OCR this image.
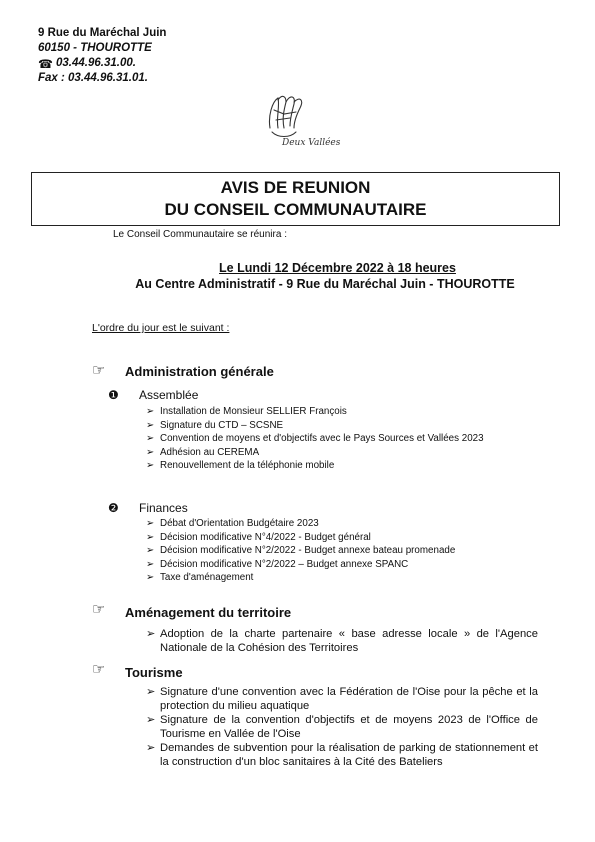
9 Rue du Maréchal Juin
60150 - THOUROTTE
☎ 03.44.96.31.00.
Fax : 03.44.96.31.01.
Deux Vallées
AVIS DE REUNION
DU CONSEIL COMMUNAUTAIRE
Le Conseil Communautaire se réunira :
Le Lundi 12 Décembre 2022 à 18 heures
Au Centre Administratif - 9 Rue du Maréchal Juin - THOUROTTE
L'ordre du jour est le suivant :
☞ Administration générale
❶ Assemblée
➢ Installation de Monsieur SELLIER François
➢ Signature du CTD – SCSNE
➢ Convention de moyens et d'objectifs avec le Pays Sources et Vallées 2023
➢ Adhésion au CEREMA
➢ Renouvellement de la téléphonie mobile
❷ Finances
➢ Débat d'Orientation Budgétaire 2023
➢ Décision modificative N°4/2022 - Budget général
➢ Décision modificative N°2/2022 - Budget annexe bateau promenade
➢ Décision modificative N°2/2022 – Budget annexe SPANC
➢ Taxe d'aménagement
☞ Aménagement du territoire
➢ Adoption de la charte partenaire « base adresse locale » de l'Agence Nationale de la Cohésion des Territoires
☞ Tourisme
➢ Signature d'une convention avec la Fédération de l'Oise pour la pêche et la protection du milieu aquatique
➢ Signature de la convention d'objectifs et de moyens 2023 de l'Office de Tourisme en Vallée de l'Oise
➢ Demandes de subvention pour la réalisation de parking de stationnement et la construction d'un bloc sanitaires à la Cité des Bateliers
